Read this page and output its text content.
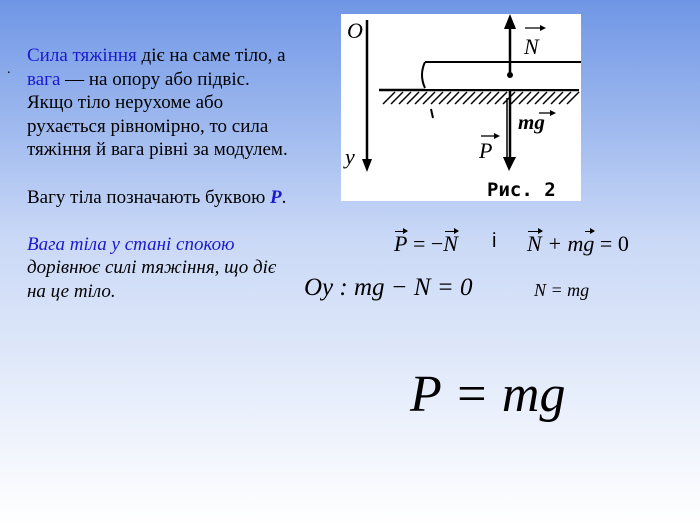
.

Сила тяжіння діє на саме тіло, а вага — на опору або підвіс.

Якщо тіло нерухоме або рухається рівномірно, то сила тяжіння й вага рівні за модулем.

Вагу тіла позначають буквою P.

Вага тіла у стані спокою дорівнює силі тяжіння, що діє на це тіло.

O
y
N
mg
P
Рис. 2
P = −N і N + mg = 0
Oy : mg − N = 0	N = mg
P = mg
